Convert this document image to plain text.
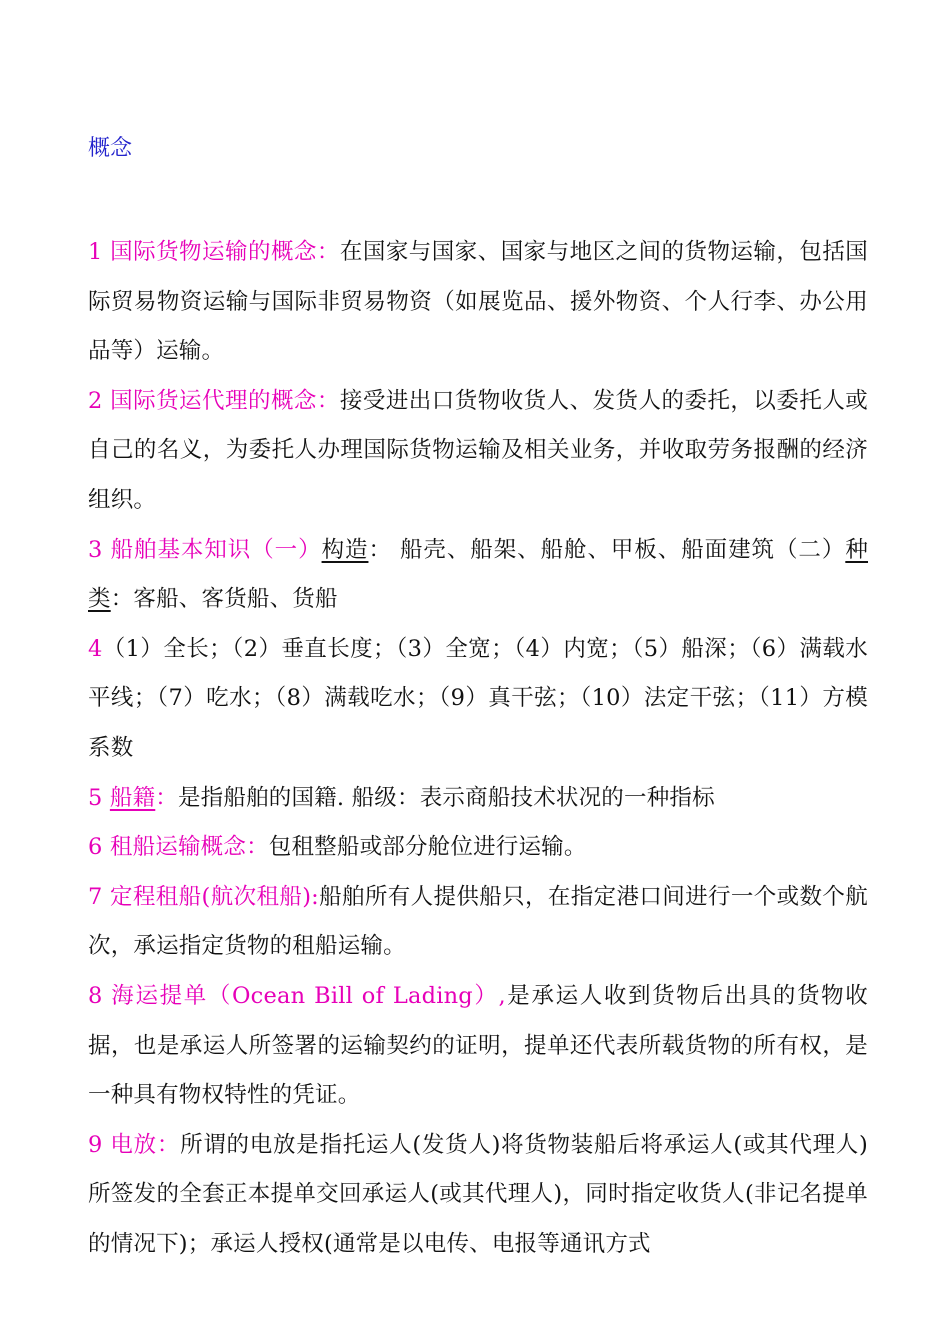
概念

1 国际货物运输的概念：在国家与国家、国家与地区之间的货物运输，包括国际贸易物资运输与国际非贸易物资（如展览品、援外物资、个人行李、办公用品等）运输。

2 国际货运代理的概念：接受进出口货物收货人、发货人的委托，以委托人或自己的名义，为委托人办理国际货物运输及相关业务，并收取劳务报酬的经济组织。

3 船舶基本知识（一）构造： 船壳、船架、船舱、甲板、船面建筑（二）种类：客船、客货船、货船

4（1）全长；（2）垂直长度；（3）全宽；（4）内宽；（5）船深；（6）满载水平线；（7）吃水；（8）满载吃水；（9）真干弦；（10）法定干弦；（11）方模系数

5 船籍：是指船舶的国籍. 船级：表示商船技术状况的一种指标

6 租船运输概念：包租整船或部分舱位进行运输。

7 定程租船(航次租船):船舶所有人提供船只，在指定港口间进行一个或数个航次，承运指定货物的租船运输。

8 海运提单（Ocean Bill of Lading）,是承运人收到货物后出具的货物收据，也是承运人所签署的运输契约的证明，提单还代表所载货物的所有权，是一种具有物权特性的凭证。

9 电放：所谓的电放是指托运人(发货人)将货物装船后将承运人(或其代理人)所签发的全套正本提单交回承运人(或其代理人)，同时指定收货人(非记名提单的情况下)；承运人授权(通常是以电传、电报等通讯方式
